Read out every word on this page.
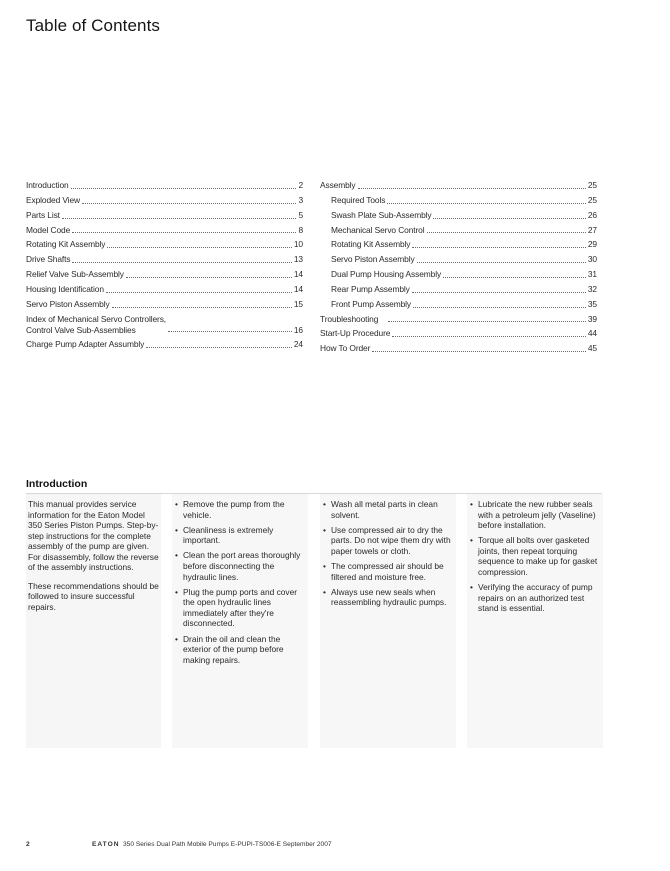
Table of Contents
Introduction	2
Exploded View	3
Parts List	5
Model Code	8
Rotating Kit Assembly	10
Drive Shafts	13
Relief Valve Sub-Assembly	14
Housing Identification	14
Servo Piston Assembly	15
Index of Mechanical Servo Controllers,
Control Valve Sub-Assemblies	16
Charge Pump Adapter Assumbly	24
Assembly	25
Required Tools	25
Swash Plate Sub-Assembly	26
Mechanical Servo Control	27
Rotating Kit Assembly	29
Servo Piston Assembly	30
Dual Pump Housing Assembly	31
Rear Pump Assembly	32
Front Pump Assembly	35
Troubleshooting	39
Start-Up Procedure	44
How To Order	45
Introduction

This manual provides service information for the Eaton Model 350 Series Piston Pumps. Step-by-step instructions for the complete assembly of the pump are given. For disassembly, follow the reverse of the assembly instructions.

These recommendations should be followed to insure successful repairs.

• Remove the pump from the vehicle.
• Cleanliness is extremely important.
• Clean the port areas thoroughly before disconnecting the hydraulic lines.
• Plug the pump ports and cover the open hydraulic lines immediately after they're disconnected.
• Drain the oil and clean the exterior of the pump before making repairs.
• Wash all metal parts in clean solvent.
• Use compressed air to dry the parts. Do not wipe them dry with paper towels or cloth.
• The compressed air should be filtered and moisture free.
• Always use new seals when reassembling hydraulic pumps.
• Lubricate the new rubber seals with a petroleum jelly (Vaseline) before installation.
• Torque all bolts over gasketed joints, then repeat torquing sequence to make up for gasket compression.
• Verifying the accuracy of pump repairs on an authorized test stand is essential.
2	EATON 350 Series Dual Path Mobile Pumps E-PUPI-TS006-E September 2007
